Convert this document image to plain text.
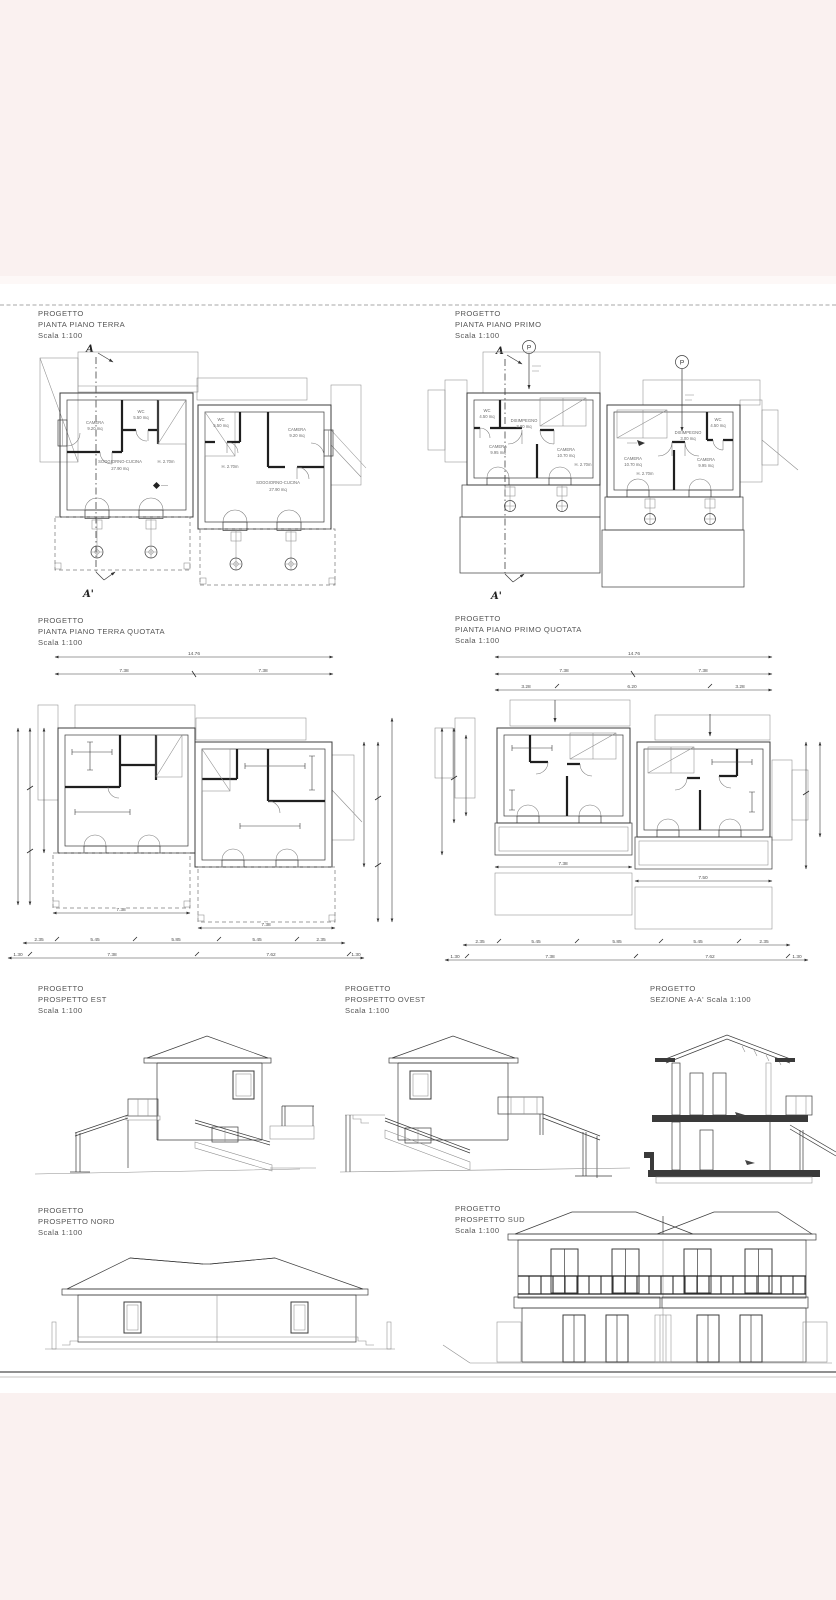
PROGETTO
PIANTA PIANO TERRA
Scala 1:100
A
A'
CAMERA
9.20 mq
WC
5.50 mq
SOGGIORNO-CUCINA
27.90 mq
H. 2.70m
WC
5.50 mq
CAMERA
9.20 mq
H. 2.70m
SOGGIORNO-CUCINA
27.90 mq
PROGETTO
PIANTA PIANO PRIMO
Scala 1:100
A
A'
P
P
WC
4.50 mq
DISIMPEGNO
3.00 mq
CAMERA
9.95 mq
CAMERA
10.70 mq
H. 2.70m
DISIMPEGNO
3.00 mq
WC
4.50 mq
CAMERA
10.70 mq
H. 2.70m
CAMERA
9.95 mq
PROGETTO
PIANTA PIANO TERRA QUOTATA
Scala 1:100
14.76
7.38	7.38
7.38
7.38
2.35	5.45	5.85	5.45	2.35
1.30	7.38	7.62	1.30
PROGETTO
PIANTA PIANO PRIMO QUOTATA
Scala 1:100
14.76
7.38	7.38
3.28	6.20	3.28
7.38
7.50
2.35	5.45	5.85	5.45	2.35
1.30	7.38	7.62	1.30
PROGETTO
PROSPETTO EST
Scala 1:100
PROGETTO
PROSPETTO OVEST
Scala 1:100
PROGETTO
SEZIONE A-A' Scala 1:100
PROGETTO
PROSPETTO NORD
Scala 1:100
PROGETTO
PROSPETTO SUD
Scala 1:100
